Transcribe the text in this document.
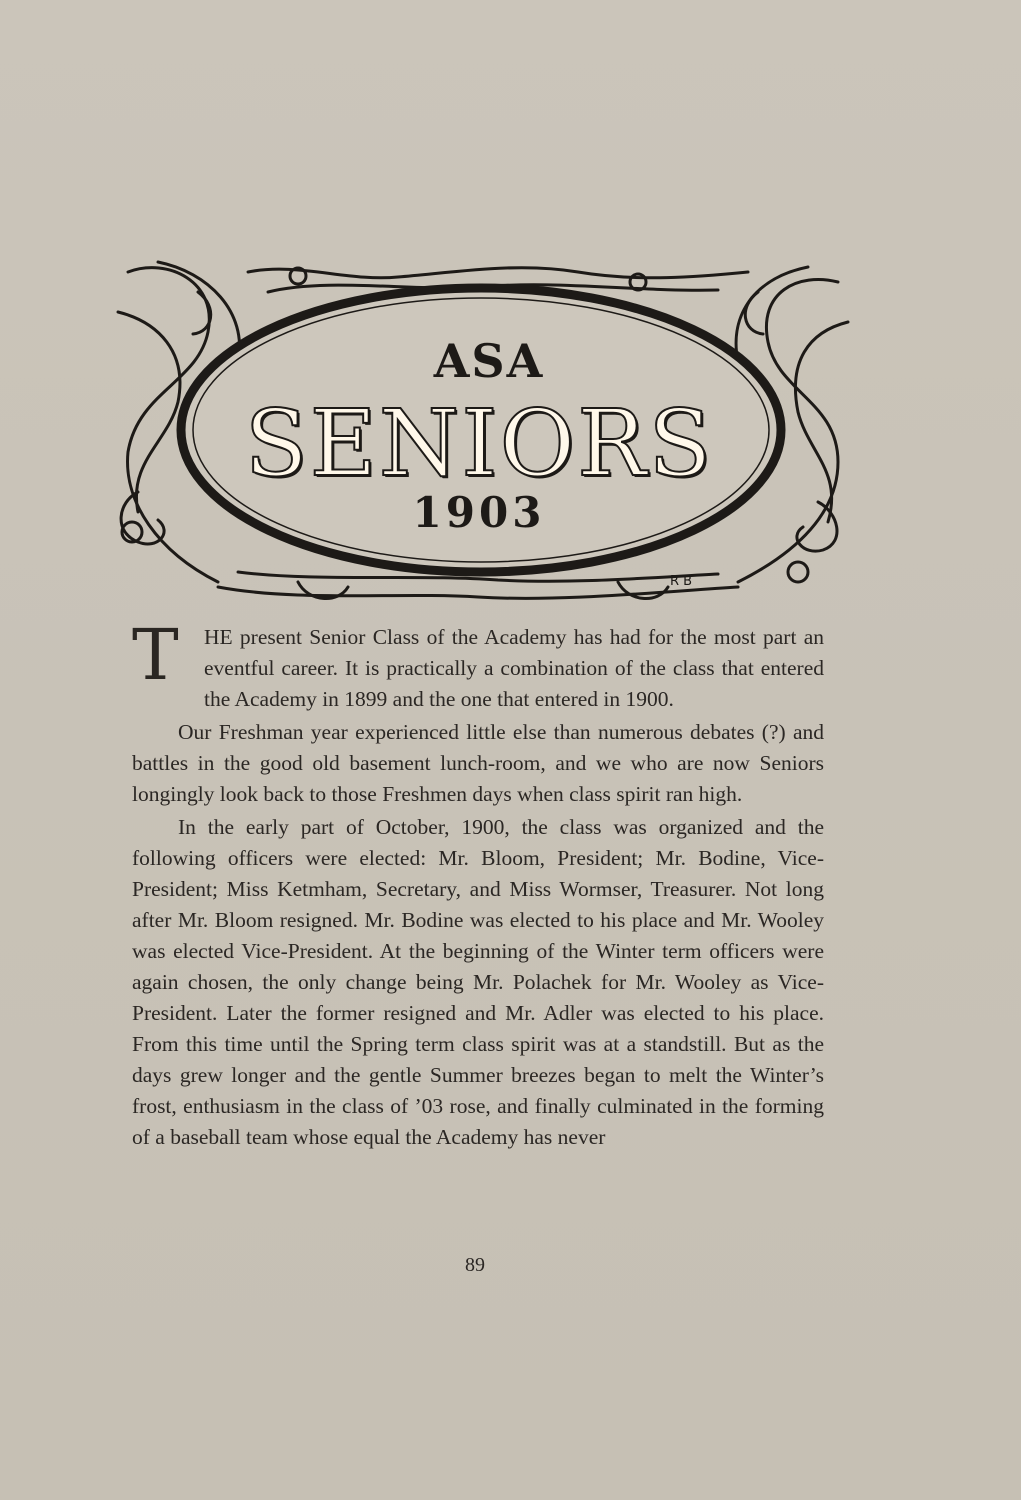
ASA
SENIORS
1903
R B

T	HE present Senior Class of the Academy has had for the most part an eventful career. It is practically a combination of the class that entered the Academy in 1899 and the one that entered in 1900.

Our Freshman year experienced little else than numerous debates (?) and battles in the good old basement lunch-room, and we who are now Seniors longingly look back to those Freshmen days when class spirit ran high.

In the early part of October, 1900, the class was organized and the following officers were elected: Mr. Bloom, President; Mr. Bodine, Vice-President; Miss Ketmham, Secretary, and Miss Wormser, Treasurer. Not long after Mr. Bloom resigned. Mr. Bodine was elected to his place and Mr. Wooley was elected Vice-President. At the beginning of the Winter term officers were again chosen, the only change being Mr. Polachek for Mr. Wooley as Vice-President. Later the former resigned and Mr. Adler was elected to his place. From this time until the Spring term class spirit was at a standstill. But as the days grew longer and the gentle Summer breezes began to melt the Winter’s frost, enthusiasm in the class of ’03 rose, and finally culminated in the forming of a baseball team whose equal the Academy has never

89
